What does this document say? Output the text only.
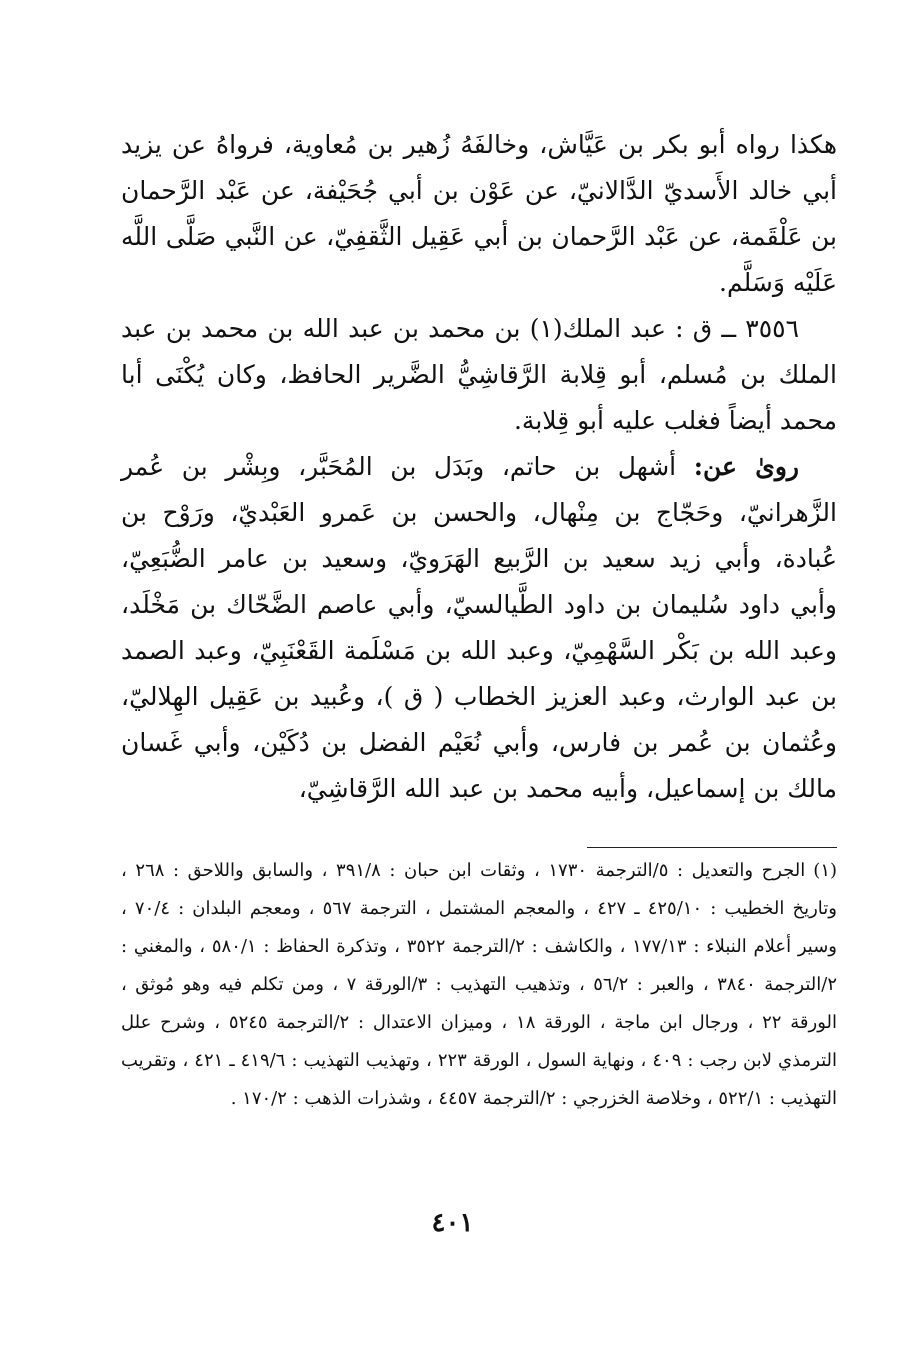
هكذا رواه أبو بكر بن عَيَّاش، وخالفَهُ زُهير بن مُعاوية، فرواهُ عن يزيد أبي خالد الأَسديّ الدَّالانيّ، عن عَوْن بن أبي جُحَيْفة، عن عَبْد الرَّحمان بن عَلْقَمة، عن عَبْد الرَّحمان بن أبي عَقِيل الثَّقفِيّ، عن النَّبي صَلَّى اللَّه عَلَيْه وَسَلَّم.

٣٥٥٦ ــ ق : عبد الملك(١) بن محمد بن عبد الله بن محمد بن عبد الملك بن مُسلم، أبو قِلابة الرَّقاشِيُّ الضَّرير الحافظ، وكان يُكْنَى أبا محمد أيضاً فغلب عليه أبو قِلابة.

روىٰ عن: أشهل بن حاتم، وبَدَل بن المُحَبَّر، وبِشْر بن عُمر الزَّهرانيّ، وحَجّاج بن مِنْهال، والحسن بن عَمرو العَبْديّ، ورَوْح بن عُبادة، وأبي زيد سعيد بن الرَّبيع الهَرَويّ، وسعيد بن عامر الضُّبَعِيّ، وأبي داود سُليمان بن داود الطَّيالسيّ، وأبي عاصم الضَّحّاك بن مَخْلَد، وعبد الله بن بَكْر السَّهْمِيّ، وعبد الله بن مَسْلَمة القَعْنَبِيّ، وعبد الصمد بن عبد الوارث، وعبد العزيز الخطاب ( ق )، وعُبيد بن عَقِيل الهِلاليّ، وعُثمان بن عُمر بن فارس، وأبي نُعَيْم الفضل بن دُكَيْن، وأبي غَسان مالك بن إسماعيل، وأبيه محمد بن عبد الله الرَّقاشِيّ،

(١)الجرح والتعديل : ٥/الترجمة ١٧٣٠ ، وثقات ابن حبان : ٣٩١/٨ ، والسابق واللاحق : ٢٦٨ ، وتاريخ الخطيب : ٤٢٥/١٠ ـ ٤٢٧ ، والمعجم المشتمل ، الترجمة ٥٦٧ ، ومعجم البلدان : ٧٠/٤ ، وسير أعلام النبلاء : ١٧٧/١٣ ، والكاشف : ٢/الترجمة ٣٥٢٢ ، وتذكرة الحفاظ : ٥٨٠/١ ، والمغني : ٢/الترجمة ٣٨٤٠ ، والعبر : ٥٦/٢ ، وتذهيب التهذيب : ٣/الورقة ٧ ، ومن تكلم فيه وهو مُوثق ، الورقة ٢٢ ، ورجال ابن ماجة ، الورقة ١٨ ، وميزان الاعتدال : ٢/الترجمة ٥٢٤٥ ، وشرح علل الترمذي لابن رجب : ٤٠٩ ، ونهاية السول ، الورقة ٢٢٣ ، وتهذيب التهذيب : ٤١٩/٦ ـ ٤٢١ ، وتقريب التهذيب : ٥٢٢/١ ، وخلاصة الخزرجي : ٢/الترجمة ٤٤٥٧ ، وشذرات الذهب : ١٧٠/٢ .
٤٠١
